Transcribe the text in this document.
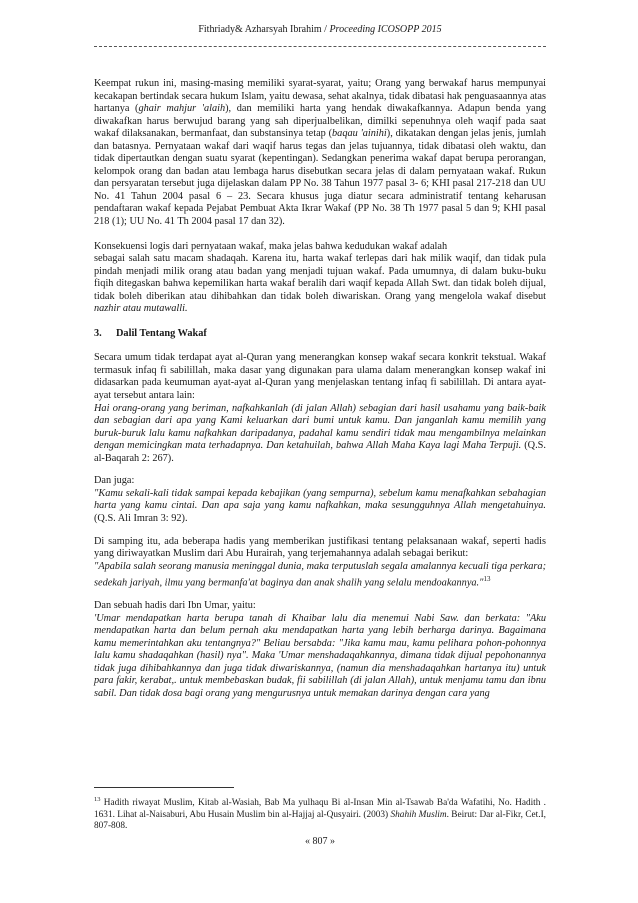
Fithriady& Azharsyah Ibrahim / Proceeding ICOSOPP 2015

Keempat rukun ini, masing-masing memiliki syarat-syarat, yaitu; Orang yang berwakaf harus mempunyai kecakapan bertindak secara hukum Islam, yaitu dewasa, sehat akalnya, tidak dibatasi hak penguasaannya atas hartanya (ghair mahjur 'alaih), dan memiliki harta yang hendak diwakafkannya. Adapun benda yang diwakafkan harus berwujud barang yang sah diperjualbelikan, dimilki sepenuhnya oleh waqif pada saat wakaf dilaksanakan, bermanfaat, dan substansinya tetap (baqau 'ainihi), dikatakan dengan jelas jenis, jumlah dan batasnya. Pernyataan wakaf dari waqif harus tegas dan jelas tujuannya, tidak dibatasi oleh waktu, dan tidak dipertautkan dengan suatu syarat (kepentingan). Sedangkan penerima wakaf dapat berupa perorangan, kelompok orang dan badan atau lembaga harus disebutkan secara jelas di dalam pernyataan wakaf. Rukun dan persyaratan tersebut juga dijelaskan dalam PP No. 38 Tahun 1977 pasal 3- 6; KHI pasal 217-218 dan UU No. 41 Tahun 2004 pasal 6 – 23. Secara khusus juga diatur secara administratif tentang keharusan pendaftaran wakaf kepada Pejabat Pembuat Akta Ikrar Wakaf (PP No. 38 Th 1977 pasal 5 dan 9; KHI pasal 218 (1); UU No. 41 Th 2004 pasal 17 dan 32).

Konsekuensi logis dari pernyataan wakaf, maka jelas bahwa kedudukan wakaf adalah

sebagai salah satu macam shadaqah. Karena itu, harta wakaf terlepas dari hak milik waqif, dan tidak pula pindah menjadi milik orang atau badan yang menjadi tujuan wakaf. Pada umumnya, di dalam buku-buku fiqih ditegaskan bahwa kepemilikan harta wakaf beralih dari waqif kepada Allah Swt. dan tidak boleh dijual, tidak boleh diberikan atau dihibahkan dan tidak boleh diwariskan. Orang yang mengelola wakaf disebut nazhir atau mutawalli.

3. Dalil Tentang Wakaf

Secara umum tidak terdapat ayat al-Quran yang menerangkan konsep wakaf secara konkrit tekstual. Wakaf termasuk infaq fi sabilillah, maka dasar yang digunakan para ulama dalam menerangkan konsep wakaf ini didasarkan pada keumuman ayat-ayat al-Quran yang menjelaskan tentang infaq fi sabilillah. Di antara ayat-ayat tersebut antara lain:

Hai orang-orang yang beriman, nafkahkanlah (di jalan Allah) sebagian dari hasil usahamu yang baik-baik dan sebagian dari apa yang Kami keluarkan dari bumi untuk kamu. Dan janganlah kamu memilih yang buruk-buruk lalu kamu nafkahkan daripadanya, padahal kamu sendiri tidak mau mengambilnya melainkan dengan memicingkan mata terhadapnya. Dan ketahuilah, bahwa Allah Maha Kaya lagi Maha Terpuji. (Q.S. al-Baqarah 2: 267).

Dan juga:

"Kamu sekali-kali tidak sampai kepada kebajikan (yang sempurna), sebelum kamu menafkahkan sebahagian harta yang kamu cintai. Dan apa saja yang kamu nafkahkan, maka sesungguhnya Allah mengetahuinya. (Q.S. Ali Imran 3: 92).

Di samping itu, ada beberapa hadis yang memberikan justifikasi tentang pelaksanaan wakaf, seperti hadis yang diriwayatkan Muslim dari Abu Hurairah, yang terjemahannya adalah sebagai berikut:

"Apabila salah seorang manusia meninggal dunia, maka terputuslah segala amalannya kecuali tiga perkara; sedekah jariyah, ilmu yang bermanfa'at baginya dan anak shalih yang selalu mendoakannya."$^{13}$

Dan sebuah hadis dari Ibn Umar, yaitu:

'Umar mendapatkan harta berupa tanah di Khaibar lalu dia menemui Nabi Saw. dan berkata: "Aku mendapatkan harta dan belum pernah aku mendapatkan harta yang lebih berharga darinya. Bagaimana kamu memerintahkan aku tentangnya?" Beliau bersabda: "Jika kamu mau, kamu pelihara pohon-pohonnya lalu kamu shadaqahkan (hasil) nya". Maka 'Umar menshadaqahkannya, dimana tidak dijual pepohonannya tidak juga dihibahkannya dan juga tidak diwariskannya, (namun dia menshadaqahkan hartanya itu) untuk para fakir, kerabat,. untuk membebaskan budak, fii sabilillah (di jalan Allah), untuk menjamu tamu dan ibnu sabil. Dan tidak dosa bagi orang yang mengurusnya untuk memakan darinya dengan cara yang

$^{13}$ Hadith riwayat Muslim, Kitab al-Wasiah, Bab Ma yulhaqu Bi al-Insan Min al-Tsawab Ba'da Wafatihi, No. Hadith . 1631. Lihat al-Naisaburi, Abu Husain Muslim bin al-Hajjaj al-Qusyairi. (2003) Shahih Muslim. Beirut: Dar al-Fikr, Cet.I, 807-808.

« 807 »
